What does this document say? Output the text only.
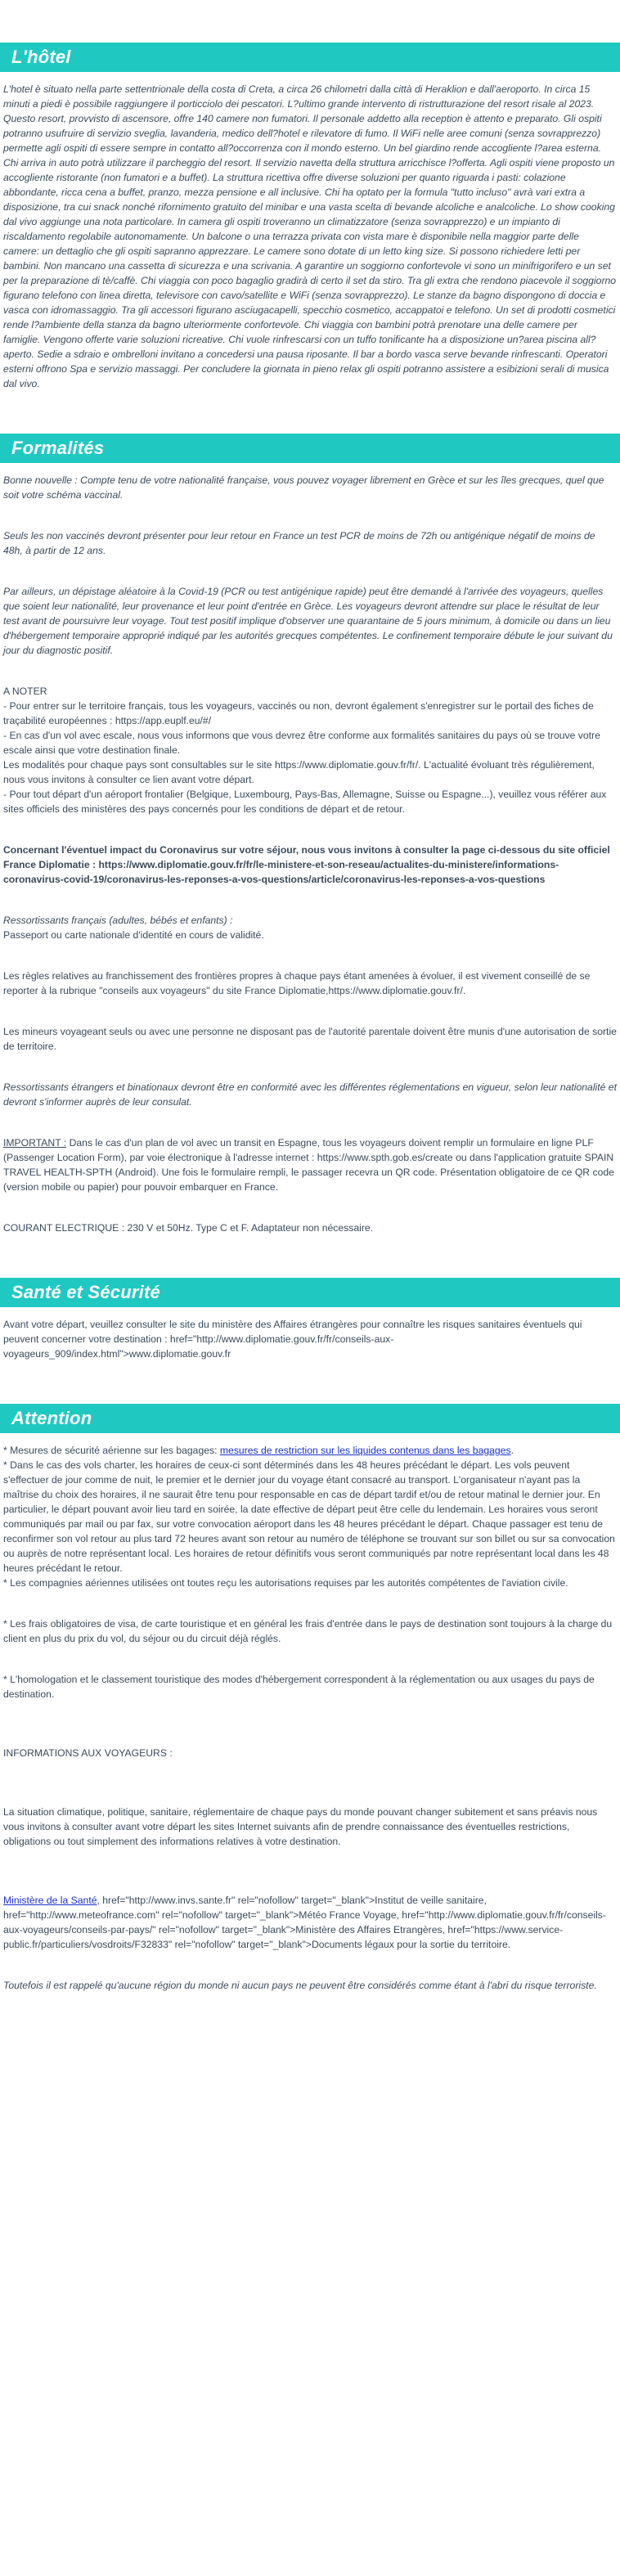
L'hôtel

L'hotel è situato nella parte settentrionale della costa di Creta, a circa 26 chilometri dalla città di Heraklion e dall'aeroporto. In circa 15 minuti a piedi è possibile raggiungere il porticciolo dei pescatori. L?ultimo grande intervento di ristrutturazione del resort risale al 2023. Questo resort, provvisto di ascensore, offre 140 camere non fumatori. Il personale addetto alla reception è attento e preparato. Gli ospiti potranno usufruire di servizio sveglia, lavanderia, medico dell?hotel e rilevatore di fumo. Il WiFi nelle aree comuni (senza sovrapprezzo) permette agli ospiti di essere sempre in contatto all?occorrenza con il mondo esterno. Un bel giardino rende accogliente l?area esterna. Chi arriva in auto potrà utilizzare il parcheggio del resort. Il servizio navetta della struttura arricchisce l?offerta. Agli ospiti viene proposto un accogliente ristorante (non fumatori e a buffet). La struttura ricettiva offre diverse soluzioni per quanto riguarda i pasti: colazione abbondante, ricca cena a buffet, pranzo, mezza pensione e all inclusive. Chi ha optato per la formula "tutto incluso" avrà vari extra a disposizione, tra cui snack nonché rifornimento gratuito del minibar e una vasta scelta di bevande alcoliche e analcoliche. Lo show cooking dal vivo aggiunge una nota particolare. In camera gli ospiti troveranno un climatizzatore (senza sovrapprezzo) e un impianto di riscaldamento regolabile autonomamente. Un balcone o una terrazza privata con vista mare è disponibile nella maggior parte delle camere: un dettaglio che gli ospiti sapranno apprezzare. Le camere sono dotate di un letto king size. Si possono richiedere letti per bambini. Non mancano una cassetta di sicurezza e una scrivania. A garantire un soggiorno confortevole vi sono un minifrigorifero e un set per la preparazione di tè/caffè. Chi viaggia con poco bagaglio gradirà di certo il set da stiro. Tra gli extra che rendono piacevole il soggiorno figurano telefono con linea diretta, televisore con cavo/satellite e WiFi (senza sovrapprezzo). Le stanze da bagno dispongono di doccia e vasca con idromassaggio. Tra gli accessori figurano asciugacapelli, specchio cosmetico, accappatoi e telefono. Un set di prodotti cosmetici rende l?ambiente della stanza da bagno ulteriormente confortevole. Chi viaggia con bambini potrà prenotare una delle camere per famiglie. Vengono offerte varie soluzioni ricreative. Chi vuole rinfrescarsi con un tuffo tonificante ha a disposizione un?area piscina all?aperto. Sedie a sdraio e ombrelloni invitano a concedersi una pausa riposante. Il bar a bordo vasca serve bevande rinfrescanti. Operatori esterni offrono Spa e servizio massaggi. Per concludere la giornata in pieno relax gli ospiti potranno assistere a esibizioni serali di musica dal vivo.

Formalités

Bonne nouvelle : Compte tenu de votre nationalité française, vous pouvez voyager librement en Grèce et sur les îles grecques, quel que soit votre schéma vaccinal.

Seuls les non vaccinés devront présenter pour leur retour en France un test PCR de moins de 72h ou antigénique négatif de moins de 48h, à partir de 12 ans.

Par ailleurs, un dépistage aléatoire à la Covid-19 (PCR ou test antigénique rapide) peut être demandé à l'arrivée des voyageurs, quelles que soient leur nationalité, leur provenance et leur point d'entrée en Grèce. Les voyageurs devront attendre sur place le résultat de leur test avant de poursuivre leur voyage. Tout test positif implique d'observer une quarantaine de 5 jours minimum, à domicile ou dans un lieu d'hébergement temporaire approprié indiqué par les autorités grecques compétentes. Le confinement temporaire débute le jour suivant du jour du diagnostic positif.

A NOTER

- Pour entrer sur le territoire français, tous les voyageurs, vaccinés ou non, devront également s'enregistrer sur le portail des fiches de traçabilité européennes : https://app.euplf.eu/#/

- En cas d'un vol avec escale, nous vous informons que vous devrez être conforme aux formalités sanitaires du pays où se trouve votre escale ainsi que votre destination finale.

Les modalités pour chaque pays sont consultables sur le site https://www.diplomatie.gouv.fr/fr/. L'actualité évoluant très régulièrement, nous vous invitons à consulter ce lien avant votre départ.

- Pour tout départ d'un aéroport frontalier (Belgique, Luxembourg, Pays-Bas, Allemagne, Suisse ou Espagne...), veuillez vous référer aux sites officiels des ministères des pays concernés pour les conditions de départ et de retour.

Concernant l'éventuel impact du Coronavirus sur votre séjour, nous vous invitons à consulter la page ci-dessous du site officiel France Diplomatie : https://www.diplomatie.gouv.fr/fr/le-ministere-et-son-reseau/actualites-du-ministere/informations-coronavirus-covid-19/coronavirus-les-reponses-a-vos-questions/article/coronavirus-les-reponses-a-vos-questions

Ressortissants français (adultes, bébés et enfants) :

Passeport ou carte nationale d'identité en cours de validité.

Les règles relatives au franchissement des frontières propres à chaque pays étant amenées à évoluer, il est vivement conseillé de se reporter à la rubrique "conseils aux voyageurs" du site France Diplomatie,https://www.diplomatie.gouv.fr/.

Les mineurs voyageant seuls ou avec une personne ne disposant pas de l'autorité parentale doivent être munis d'une autorisation de sortie de territoire.

Ressortissants étrangers et binationaux devront être en conformité avec les différentes réglementations en vigueur, selon leur nationalité et devront s'informer auprès de leur consulat.

IMPORTANT : Dans le cas d'un plan de vol avec un transit en Espagne, tous les voyageurs doivent remplir un formulaire en ligne PLF (Passenger Location Form), par voie électronique à l'adresse internet : https://www.spth.gob.es/create ou dans l'application gratuite SPAIN TRAVEL HEALTH-SPTH (Android). Une fois le formulaire rempli, le passager recevra un QR code. Présentation obligatoire de ce QR code (version mobile ou papier) pour pouvoir embarquer en France.

COURANT ELECTRIQUE : 230 V et 50Hz. Type C et F. Adaptateur non nécessaire.

Santé et Sécurité

Avant votre départ, veuillez consulter le site du ministère des Affaires étrangères pour connaître les risques sanitaires éventuels qui peuvent concerner votre destination : href="http://www.diplomatie.gouv.fr/fr/conseils-aux-voyageurs_909/index.html">www.diplomatie.gouv.fr

Attention

* Mesures de sécurité aérienne sur les bagages: mesures de restriction sur les liquides contenus dans les bagages.

* Dans le cas des vols charter, les horaires de ceux-ci sont déterminés dans les 48 heures précédant le départ. Les vols peuvent s'effectuer de jour comme de nuit, le premier et le dernier jour du voyage étant consacré au transport. L'organisateur n'ayant pas la maîtrise du choix des horaires, il ne saurait être tenu pour responsable en cas de départ tardif et/ou de retour matinal le dernier jour. En particulier, le départ pouvant avoir lieu tard en soirée, la date effective de départ peut être celle du lendemain. Les horaires vous seront communiqués par mail ou par fax, sur votre convocation aéroport dans les 48 heures précédant le départ. Chaque passager est tenu de reconfirmer son vol retour au plus tard 72 heures avant son retour au numéro de téléphone se trouvant sur son billet ou sur sa convocation ou auprès de notre représentant local. Les horaires de retour définitifs vous seront communiqués par notre représentant local dans les 48 heures précédant le retour.

* Les compagnies aériennes utilisées ont toutes reçu les autorisations requises par les autorités compétentes de l'aviation civile.

* Les frais obligatoires de visa, de carte touristique et en général les frais d'entrée dans le pays de destination sont toujours à la charge du client en plus du prix du vol, du séjour ou du circuit déjà réglés.

* L'homologation et le classement touristique des modes d'hébergement correspondent à la réglementation ou aux usages du pays de destination.

INFORMATIONS AUX VOYAGEURS :

La situation climatique, politique, sanitaire, réglementaire de chaque pays du monde pouvant changer subitement et sans préavis nous vous invitons à consulter avant votre départ les sites Internet suivants afin de prendre connaissance des éventuelles restrictions, obligations ou tout simplement des informations relatives à votre destination.

Ministère de la Santé, href="http://www.invs.sante.fr" rel="nofollow" target="_blank">Institut de veille sanitaire, href="http://www.meteofrance.com" rel="nofollow" target="_blank">Météo France Voyage, href="http://www.diplomatie.gouv.fr/fr/conseils-aux-voyageurs/conseils-par-pays/" rel="nofollow" target="_blank">Ministère des Affaires Etrangères, href="https://www.service-public.fr/particuliers/vosdroits/F32833" rel="nofollow" target="_blank">Documents légaux pour la sortie du territoire.

Toutefois il est rappelé qu'aucune région du monde ni aucun pays ne peuvent être considérés comme étant à l'abri du risque terroriste.
